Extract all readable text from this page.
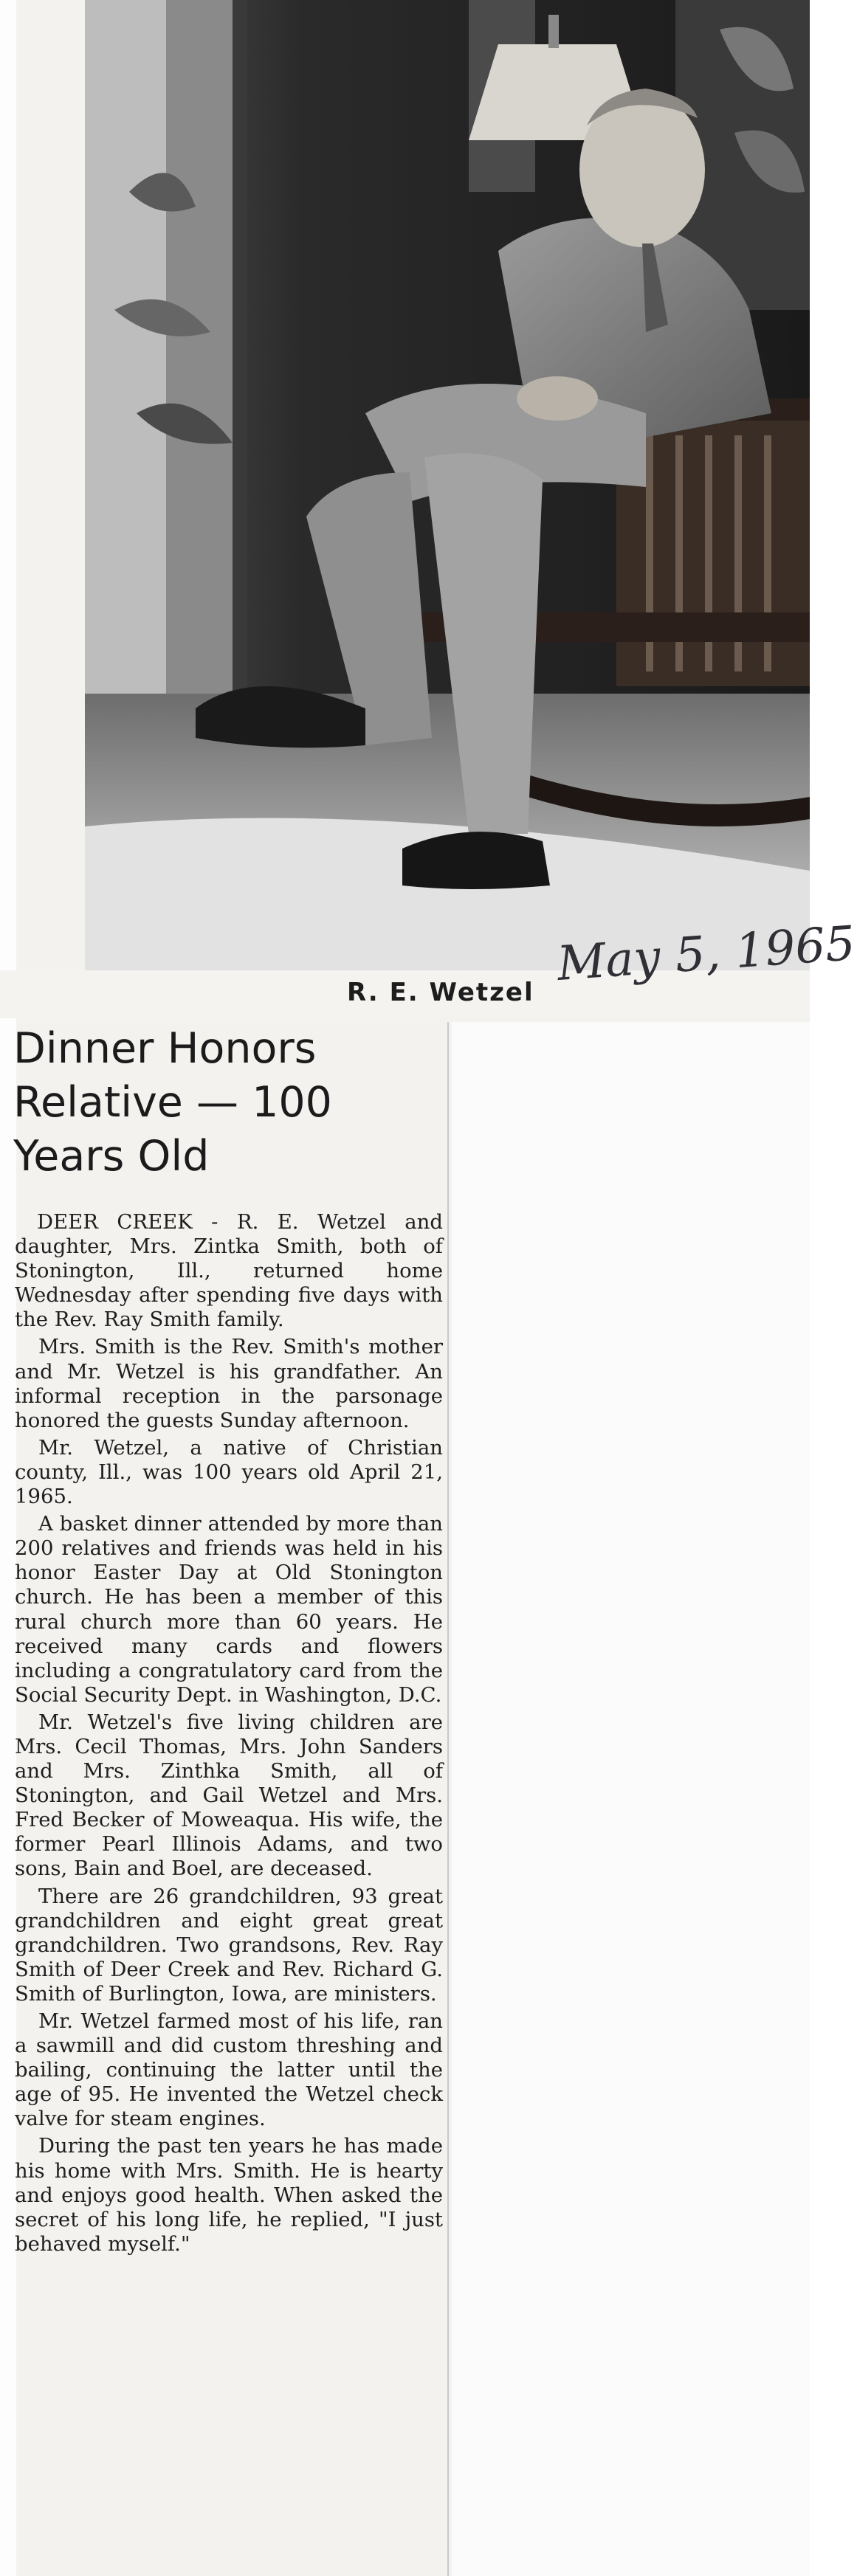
R. E. Wetzel

May 5, 1965

Dinner Honors
Relative — 100
Years Old

DEER CREEK - R. E. Wetzel and daughter, Mrs. Zintka Smith, both of Stonington, Ill., returned home Wednesday after spending five days with the Rev. Ray Smith family.

Mrs. Smith is the Rev. Smith's mother and Mr. Wetzel is his grandfather. An informal reception in the parsonage honored the guests Sunday afternoon.

Mr. Wetzel, a native of Christian county, Ill., was 100 years old April 21, 1965.

A basket dinner attended by more than 200 relatives and friends was held in his honor Easter Day at Old Stonington church. He has been a member of this rural church more than 60 years. He received many cards and flowers including a congratulatory card from the Social Security Dept. in Washington, D.C.

Mr. Wetzel's five living children are Mrs. Cecil Thomas, Mrs. John Sanders and Mrs. Zinthka Smith, all of Stonington, and Gail Wetzel and Mrs. Fred Becker of Moweaqua. His wife, the former Pearl Illinois Adams, and two sons, Bain and Boel, are deceased.

There are 26 grandchildren, 93 great grandchildren and eight great great grandchildren. Two grandsons, Rev. Ray Smith of Deer Creek and Rev. Richard G. Smith of Burlington, Iowa, are ministers.

Mr. Wetzel farmed most of his life, ran a sawmill and did custom threshing and bailing, continuing the latter until the age of 95. He invented the Wetzel check valve for steam engines.

During the past ten years he has made his home with Mrs. Smith. He is hearty and enjoys good health. When asked the secret of his long life, he replied, "I just behaved myself."
